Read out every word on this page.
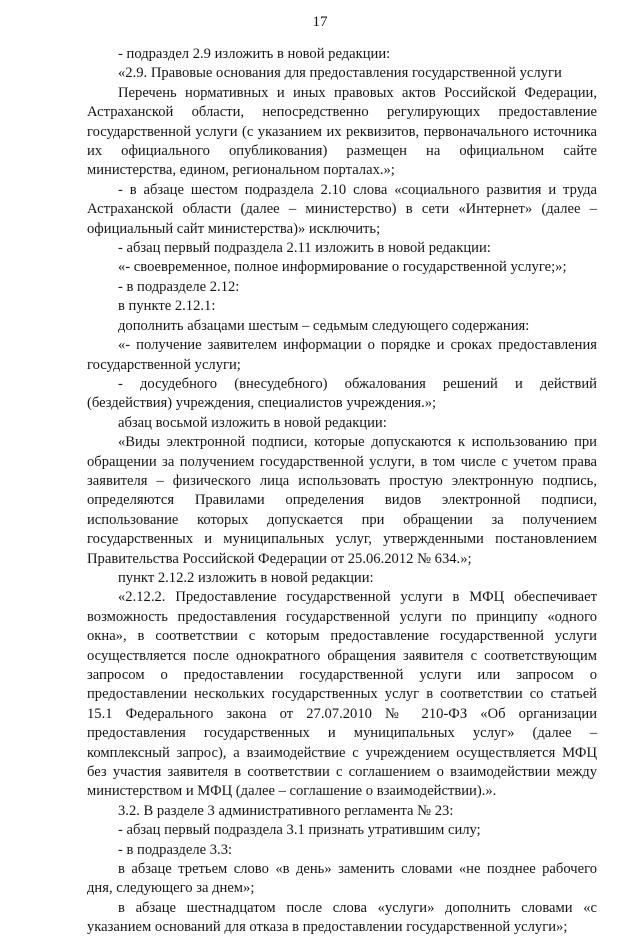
17

- подраздел 2.9 изложить в новой редакции:

«2.9. Правовые основания для предоставления государственной услуги

Перечень нормативных и иных правовых актов Российской Федерации, Астраханской области, непосредственно регулирующих предоставление государственной услуги (с указанием их реквизитов, первоначального источника их официального опубликования) размещен на официальном сайте министерства, едином, региональном порталах.»;

- в абзаце шестом подраздела 2.10 слова «социального развития и труда Астраханской области (далее – министерство) в сети «Интернет» (далее – официальный сайт министерства)» исключить;

- абзац первый подраздела 2.11 изложить в новой редакции:

«- своевременное, полное информирование о государственной услуге;»;

- в подразделе 2.12:

в пункте 2.12.1:

дополнить абзацами шестым – седьмым следующего содержания:

«- получение заявителем информации о порядке и сроках предоставления государственной услуги;

- досудебного (внесудебного) обжалования решений и действий (бездействия) учреждения, специалистов учреждения.»;

абзац восьмой изложить в новой редакции:

«Виды электронной подписи, которые допускаются к использованию при обращении за получением государственной услуги, в том числе с учетом права заявителя – физического лица использовать простую электронную подпись, определяются Правилами определения видов электронной подписи, использование которых допускается при обращении за получением государственных и муниципальных услуг, утвержденными постановлением Правительства Российской Федерации от 25.06.2012 № 634.»;

пункт 2.12.2 изложить в новой редакции:

«2.12.2. Предоставление государственной услуги в МФЦ обеспечивает возможность предоставления государственной услуги по принципу «одного окна», в соответствии с которым предоставление государственной услуги осуществляется после однократного обращения заявителя с соответствующим запросом о предоставлении государственной услуги или запросом о предоставлении нескольких государственных услуг в соответствии со статьей 15.1 Федерального закона от 27.07.2010 № 210-ФЗ «Об организации предоставления государственных и муниципальных услуг» (далее – комплексный запрос), а взаимодействие с учреждением осуществляется МФЦ без участия заявителя в соответствии с соглашением о взаимодействии между министерством и МФЦ (далее – соглашение о взаимодействии).».

3.2. В разделе 3 административного регламента № 23:

- абзац первый подраздела 3.1 признать утратившим силу;

- в подразделе 3.3:

в абзаце третьем слово «в день» заменить словами «не позднее рабочего дня, следующего за днем»;

в абзаце шестнадцатом после слова «услуги» дополнить словами «с указанием оснований для отказа в предоставлении государственной услуги»;
